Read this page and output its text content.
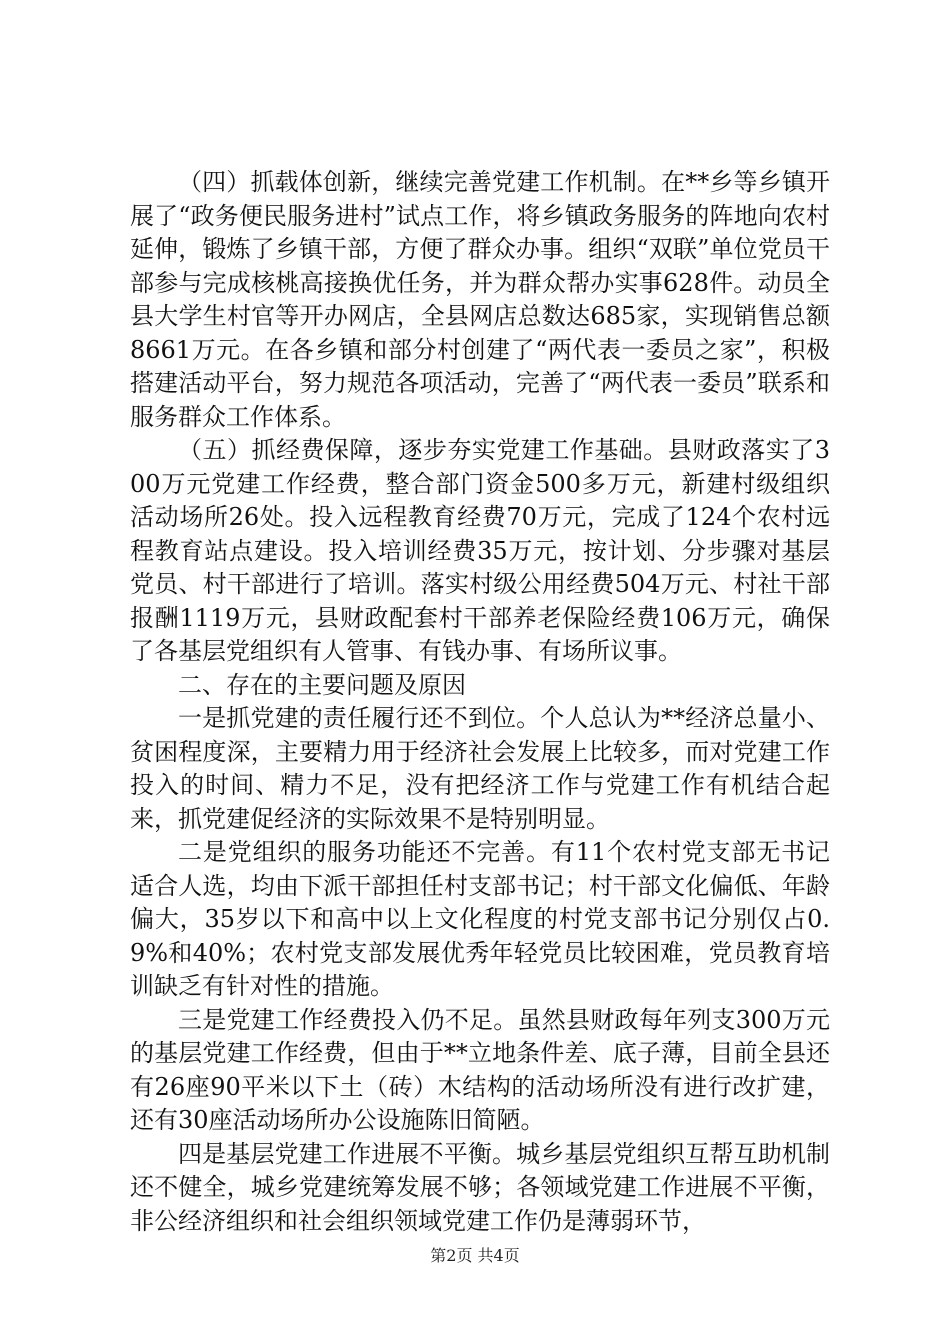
（四）抓载体创新，继续完善党建工作机制。在**乡等乡镇开展了“政务便民服务进村”试点工作，将乡镇政务服务的阵地向农村延伸，锻炼了乡镇干部，方便了群众办事。组织“双联”单位党员干部参与完成核桃高接换优任务，并为群众帮办实事628件。动员全县大学生村官等开办网店，全县网店总数达685家，实现销售总额8661万元。在各乡镇和部分村创建了“两代表一委员之家”，积极搭建活动平台，努力规范各项活动，完善了“两代表一委员”联系和服务群众工作体系。

（五）抓经费保障，逐步夯实党建工作基础。县财政落实了300万元党建工作经费，整合部门资金500多万元，新建村级组织活动场所26处。投入远程教育经费70万元，完成了124个农村远程教育站点建设。投入培训经费35万元，按计划、分步骤对基层党员、村干部进行了培训。落实村级公用经费504万元、村社干部报酬1119万元，县财政配套村干部养老保险经费106万元，确保了各基层党组织有人管事、有钱办事、有场所议事。

二、存在的主要问题及原因

一是抓党建的责任履行还不到位。个人总认为**经济总量小、贫困程度深，主要精力用于经济社会发展上比较多，而对党建工作投入的时间、精力不足，没有把经济工作与党建工作有机结合起来，抓党建促经济的实际效果不是特别明显。

二是党组织的服务功能还不完善。有11个农村党支部无书记适合人选，均由下派干部担任村支部书记；村干部文化偏低、年龄偏大，35岁以下和高中以上文化程度的村党支部书记分别仅占0.9%和40%；农村党支部发展优秀年轻党员比较困难，党员教育培训缺乏有针对性的措施。

三是党建工作经费投入仍不足。虽然县财政每年列支300万元的基层党建工作经费，但由于**立地条件差、底子薄，目前全县还有26座90平米以下土（砖）木结构的活动场所没有进行改扩建，还有30座活动场所办公设施陈旧简陋。

四是基层党建工作进展不平衡。城乡基层党组织互帮互助机制还不健全，城乡党建统筹发展不够；各领域党建工作进展不平衡，非公经济组织和社会组织领域党建工作仍是薄弱环节，

第2页 共4页
